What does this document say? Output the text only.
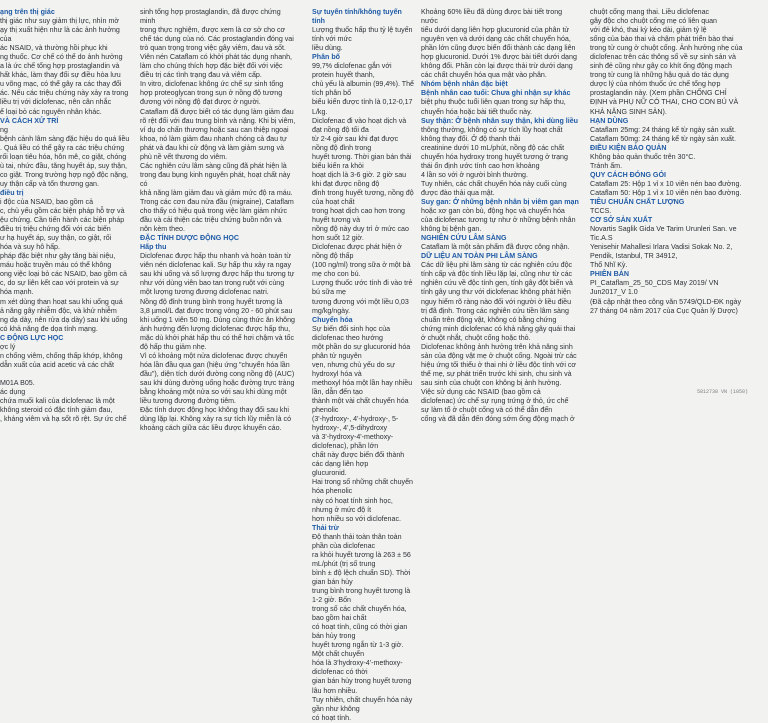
ạng trên thị giác

thị giác như suy giảm thị lực, nhìn mờ

ạy thị xuất hiện như là các ảnh hưởng của

ác NSAID, và thường hồi phục khi

ng thuốc. Cơ chế có thể do ảnh hưởng

a là ức chế tổng hợp prostaglandin và

hất khác, làm thay đổi sự điều hòa lưu

u võng mạc, có thể gây ra các thay đổi

ác. Nếu các triệu chứng này xảy ra trong

liều trị với diclofenac, nên cân nhắc

ể loại bỏ các nguyên nhân khác.

VÀ CÁCH XỬ TRÍ

ng

bệnh cảnh lâm sàng đặc hiệu do quá liều

. Quá liều có thể gây ra các triệu chứng

rối loạn tiêu hóa, hôn mê, co giật, chóng

ù tai, nhức đầu, tăng huyết áp, suy thận,

co giật. Trong trường hợp ngộ độc nặng,

uy thận cấp và tổn thương gan.

điều trị

i độc của NSAID, bao gồm cả

c, chủ yếu gồm các biện pháp hỗ trợ và

ệu chứng. Cần tiến hành các biện pháp

điều trị triệu chứng đối với các biến

ư hạ huyết áp, suy thận, co giật, rối

hóa và suy hô hấp.

pháp đặc biệt như gây tăng bài niệu,

máu hoặc truyền máu có thể không

ong việc loại bỏ các NSAID, bao gồm cả

c, do sự liên kết cao với protein và sự

hóa mạnh.

m xét dùng than hoạt sau khi uống quá

ả năng gây nhiễm độc, và khử nhiễm

ng dạ dày, nên rửa dạ dày) sau khi uống

có khả năng đe dọa tính mạng.

C ĐỘNG LỰC HỌC

ợc lý

n chống viêm, chống thấp khớp, không

dẫn xuất của acid acetic và các chất

M01A B05.

ác dụng

chứa muối kali của diclofenac là một

không steroid có đặc tính giảm đau,

, kháng viêm và hạ sốt rõ rệt. Sự ức chế

sinh tổng hợp prostaglandin, đã được chứng minh

trong thực nghiệm, được xem là cơ sở cho cơ

chế tác dụng của nó. Các prostaglandin đóng vai

trò quan trọng trong việc gây viêm, đau và sốt.

Viên nén Cataflam có khởi phát tác dụng nhanh,

làm cho chúng thích hợp đặc biệt đối với việc

điều trị các tình trạng đau và viêm cấp.

In vitro, diclofenac không ức chế sự sinh tổng

hợp proteoglycan trong sụn ở nồng độ tương

đương với nồng độ đạt được ở người.

Cataflam đã được biết có tác dụng làm giảm đau

rõ rệt đối với đau trung bình và nặng. Khi bị viêm,

ví dụ do chấn thương hoặc sau can thiệp ngoại

khoa, nó làm giảm đau nhanh chóng cả đau tự

phát và đau khi cử động và làm giảm sưng và

phù nề vết thương do viêm.

Các nghiên cứu lâm sàng cũng đã phát hiện là

trong đau bụng kinh nguyên phát, hoạt chất này có

khả năng làm giảm đau và giảm mức độ ra máu.

Trong các cơn đau nửa đầu (migraine), Cataflam

cho thấy có hiệu quả trong việc làm giảm nhức

đầu và cải thiện các triệu chứng buồn nôn và

nôn kèm theo.

ĐẶC TÍNH DƯỢC ĐỘNG HỌC

Hấp thu

Diclofenac được hấp thu nhanh và hoàn toàn từ

viên nén diclofenac kali. Sự hấp thu xảy ra ngay

sau khi uống và số lượng được hấp thu tương tự

như với dùng viên bao tan trong ruột với cùng

một lượng tương đương diclofenac natri.

Nồng độ đỉnh trung bình trong huyết tương là

3,8 µmol/L đạt được trong vòng 20 - 60 phút sau

khi uống 1 viên 50 mg. Dùng cùng thức ăn không

ảnh hưởng đến lượng diclofenac được hấp thu,

mặc dù khởi phát hấp thu có thể hơi chậm và tốc

độ hấp thu giảm nhẹ.

Vì có khoảng một nửa diclofenac được chuyển

hóa lần đầu qua gan (hiệu ứng "chuyển hóa lần

đầu"), diện tích dưới đường cong nồng độ (AUC)

sau khi dùng đường uống hoặc đường trực tràng

bằng khoảng một nửa so với sau khi dùng một

liều tương đương đường tiêm.

Đặc tính dược động học không thay đổi sau khi

dùng lặp lại. Không xảy ra sự tích lũy miễn là có

khoảng cách giữa các liều được khuyến cáo.

Sự tuyến tính/không tuyến tính

Lượng thuốc hấp thu tỷ lệ tuyến tính với mức

liều dùng.

Phân bố

99,7% diclofenac gắn với protein huyết thanh,

chủ yếu là albumin (99,4%). Thể tích phân bố

biểu kiến được tính là 0,12-0,17 L/kg.

Diclofenac đi vào hoạt dịch và đạt nồng độ tối đa

từ 2-4 giờ sau khi đạt được nồng độ đỉnh trong

huyết tương. Thời gian bán thải biểu kiến ra khỏi

hoạt dịch là 3-6 giờ. 2 giờ sau khi đạt được nồng độ

đỉnh trong huyết tương, nồng độ của hoạt chất

trong hoạt dịch cao hơn trong huyết tương và

nồng độ này duy trì ở mức cao hơn suốt 12 giờ.

Diclofenac được phát hiện ở nồng độ thấp

(100 ng/ml) trong sữa ở một bà mẹ cho con bú.

Lượng thuốc ước tính đi vào trẻ bú sữa mẹ

tương đương với một liều 0,03 mg/kg/ngày.

Chuyển hóa

Sự biến đổi sinh học của diclofenac theo hướng

một phần do sự glucuronid hóa phân tử nguyên

vẹn, nhưng chủ yếu do sự hydroxyl hóa và

methoxyl hóa một lần hay nhiều lần, dẫn đến tạo

thành một vài chất chuyển hóa phenolic

(3'-hydroxy-, 4'-hydroxy-, 5-hydroxy-, 4',5-dihydroxy

và 3'-hydroxy-4'-methoxy-diclofenac), phần lớn

chất này được biến đổi thành các dạng liên hợp

glucuronid.

Hai trong số những chất chuyển hóa phenolic

này có hoạt tính sinh học, nhưng ở mức độ ít

hơn nhiều so với diclofenac.

Thải trừ

Độ thanh thải toàn thân toàn phần của diclofenac

ra khỏi huyết tương là 263 ± 56 mL/phút (trị số trung

bình ± độ lệch chuẩn SD). Thời gian bán hủy

trung bình trong huyết tương là 1-2 giờ. Bốn

trong số các chất chuyển hóa, bao gồm hai chất

có hoạt tính, cũng có thời gian bán hủy trong

huyết tương ngắn từ 1-3 giờ. Một chất chuyển

hóa là 3'hydroxy-4'-methoxy-diclofenac có thời

gian bán hủy trong huyết tương lâu hơn nhiều.

Tuy nhiên, chất chuyển hóa này gần như không

có hoạt tính.

Khoảng 60% liều đã dùng được bài tiết trong nước

tiểu dưới dạng liên hợp glucuronid của phân tử

nguyên vẹn và dưới dạng các chất chuyển hóa,

phần lớn cũng được biến đổi thành các dạng liên

hợp glucuronid. Dưới 1% được bài tiết dưới dạng

không đổi. Phần còn lại được thải trừ dưới dạng

các chất chuyển hóa qua mật vào phân.

Nhóm bệnh nhân đặc biệt

Bệnh nhân cao tuổi: Chưa ghi nhận sự khác

biệt phụ thuộc tuổi liên quan trong sự hấp thu,

chuyển hóa hoặc bài tiết thuốc này.

Suy thận: Ở bệnh nhân suy thận, khi dùng liều

thông thường, không có sự tích lũy hoạt chất

không thay đổi. Ở độ thanh thải

creatinine dưới 10 mL/phút, nồng độ các chất

chuyển hóa hydroxy trong huyết tương ở trạng

thái ổn định ước tính cao hơn khoảng

4 lần so với ở người bình thường.

Tuy nhiên, các chất chuyển hóa này cuối cùng

được đào thải qua mật.

Suy gan: Ở những bệnh nhân bị viêm gan mạn

hoặc xơ gan còn bù, động học và chuyển hóa

của diclofenac tương tự như ở những bệnh nhân

không bị bệnh gan.

NGHIÊN CỨU LÂM SÀNG

Cataflam là một sản phẩm đã được công nhận.

DỮ LIỆU AN TOÀN PHI LÂM SÀNG

Các dữ liệu phi lâm sàng từ các nghiên cứu độc

tính cấp và độc tính liều lặp lại, cũng như từ các

nghiên cứu về độc tính gen, tính gây đột biến và

tính gây ung thư với diclofenac không phát hiện

nguy hiểm rõ ràng nào đối với người ở liều điều

trị đã định. Trong các nghiên cứu tiền lâm sàng

chuẩn trên động vật, không có bằng chứng

chứng minh diclofenac có khả năng gây quái thai

ở chuột nhắt, chuột cống hoặc thỏ.

Diclofenac không ảnh hưởng trên khả năng sinh

sản của động vật mẹ ở chuột cống. Ngoài trừ các

hiệu ứng tối thiểu ở thai nhi ở liều độc tính với cơ

thể mẹ, sự phát triển trước khi sinh, chu sinh và

sau sinh của chuột con không bị ảnh hưởng.

Việc sử dụng các NSAID (bao gồm cả

diclofenac) ức chế sự rụng trứng ở thỏ, ức chế

sự làm tổ ở chuột cống và có thể dẫn đến

cống và đã dẫn đến đóng sớm ống động mạch ở

chuột cống mang thai. Liều diclofenac

gây độc cho chuột cống mẹ có liên quan

với đẻ khó, thai kỳ kéo dài, giảm tỷ lệ

sống của bào thai và chậm phát triển bào thai

trong tử cung ở chuột cống. Ảnh hưởng nhẹ của

diclofenac trên các thông số về sự sinh sản và

sinh đẻ cũng như gây co khít ống động mạch

trong tử cung là những hậu quả do tác dụng

dược lý của nhóm thuốc ức chế tổng hợp

prostaglandin này. (Xem phần CHỐNG CHỈ

ĐỊNH và PHỤ NỮ CÓ THAI, CHO CON BÚ VÀ

KHẢ NĂNG SINH SẢN).

HẠN DÙNG

Cataflam 25mg: 24 tháng kể từ ngày sản xuất.

Cataflam 50mg: 24 tháng kể từ ngày sản xuất.

ĐIỀU KIỆN BẢO QUẢN

Không bảo quản thuốc trên 30°C.

Tránh ẩm.

QUY CÁCH ĐÓNG GÓI

Cataflam 25: Hộp 1 vỉ x 10 viên nén bao đường.

Cataflam 50: Hộp 1 vỉ x 10 viên nén bao đường.

TIÊU CHUẨN CHẤT LƯỢNG

TCCS.

CƠ SỞ SẢN XUẤT

Novartis Saglik Gida Ve Tarim Urunleri San. ve

Tic.A.S

Yenisehir Mahallesi Irlara Vadisi Sokak No. 2,

Pendik, Istanbul, TR 34912,

Thổ Nhĩ Kỳ.

PHIÊN BẢN

PI_Cataflam_25_50_CDS May 2019/ VN

Jun2017_V 1.0

(Đã cập nhật theo công văn 5749/QLD-ĐK ngày

27 tháng 04 năm 2017 của Cục Quản lý Dược)

5812738 VN (1050)
